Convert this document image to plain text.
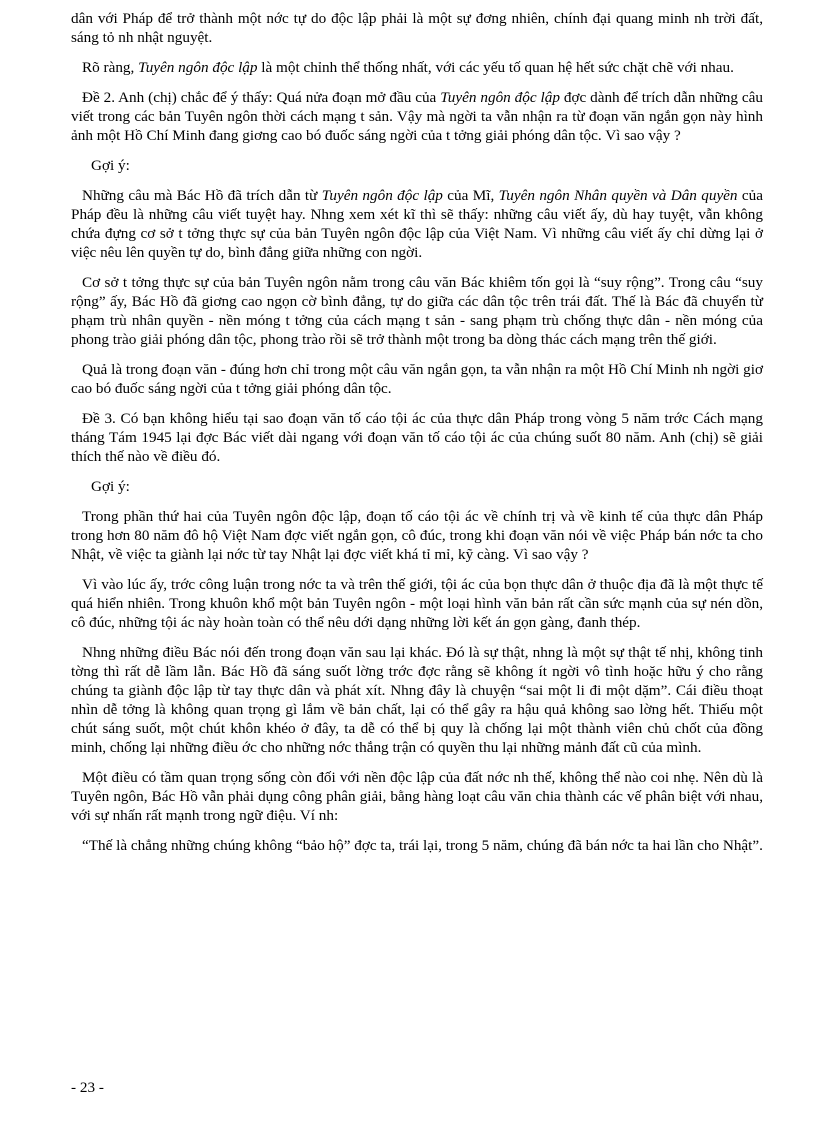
dân với Pháp để trở thành một nớc tự do độc lập phải là một sự đơng nhiên, chính đại quang minh nh trời đất, sáng tỏ nh nhật nguyệt.

Rõ ràng, Tuyên ngôn độc lập là một chỉnh thể thống nhất, với các yếu tố quan hệ hết sức chặt chẽ với nhau.

Đề 2. Anh (chị) chắc để ý thấy: Quá nửa đoạn mở đầu của Tuyên ngôn độc lập đợc dành để trích dẫn những câu viết trong các bản Tuyên ngôn thời cách mạng t sản. Vậy mà ngời ta vẫn nhận ra từ đoạn văn ngắn gọn này hình ảnh một Hồ Chí Minh đang giơng cao bó đuốc sáng ngời của t tởng giải phóng dân tộc. Vì sao vậy ?

Gợi ý:

Những câu mà Bác Hồ đã trích dẫn từ Tuyên ngôn độc lập của Mĩ, Tuyên ngôn Nhân quyền và Dân quyền của Pháp đều là những câu viết tuyệt hay. Nhng xem xét kĩ thì sẽ thấy: những câu viết ấy, dù hay tuyệt, vẫn không chứa đựng cơ sở t tởng thực sự của bản Tuyên ngôn độc lập của Việt Nam. Vì những câu viết ấy chỉ dừng lại ở việc nêu lên quyền tự do, bình đẳng giữa những con ngời.

Cơ sở t tởng thực sự của bản Tuyên ngôn nằm trong câu văn Bác khiêm tốn gọi là “suy rộng”. Trong câu “suy rộng” ấy, Bác Hồ đã giơng cao ngọn cờ bình đẳng, tự do giữa các dân tộc trên trái đất. Thế là Bác đã chuyển từ phạm trù nhân quyền - nền móng t tởng của cách mạng t sản - sang phạm trù chống thực dân - nền móng của phong trào giải phóng dân tộc, phong trào rồi sẽ trở thành một trong ba dòng thác cách mạng trên thế giới.

Quả là trong đoạn văn - đúng hơn chỉ trong một câu văn ngắn gọn, ta vẫn nhận ra một Hồ Chí Minh nh ngời giơ cao bó đuốc sáng ngời của t tởng giải phóng dân tộc.

Đề 3. Có bạn không hiểu tại sao đoạn văn tố cáo tội ác của thực dân Pháp trong vòng 5 năm trớc Cách mạng tháng Tám 1945 lại đợc Bác viết dài ngang với đoạn văn tố cáo tội ác của chúng suốt 80 năm. Anh (chị) sẽ giải thích thế nào về điều đó.

Gợi ý:

Trong phần thứ hai của Tuyên ngôn độc lập, đoạn tố cáo tội ác về chính trị và về kinh tế của thực dân Pháp trong hơn 80 năm đô hộ Việt Nam đợc viết ngắn gọn, cô đúc, trong khi đoạn văn nói về việc Pháp bán nớc ta cho Nhật, về việc ta giành lại nớc từ tay Nhật lại đợc viết khá tỉ mỉ, kỹ càng. Vì sao vậy ?

Vì vào lúc ấy, trớc công luận trong nớc ta và trên thế giới, tội ác của bọn thực dân ở thuộc địa đã là một thực tế quá hiển nhiên. Trong khuôn khổ một bản Tuyên ngôn - một loại hình văn bản rất cần sức mạnh của sự nén dồn, cô đúc, những tội ác này hoàn toàn có thể nêu dới dạng những lời kết án gọn gàng, đanh thép.

Nhng những điều Bác nói đến trong đoạn văn sau lại khác. Đó là sự thật, nhng là một sự thật tế nhị, không tinh tờng thì rất dễ lầm lẫn. Bác Hồ đã sáng suốt lờng trớc đợc rằng sẽ không ít ngời vô tình hoặc hữu ý cho rằng chúng ta giành độc lập từ tay thực dân và phát xít. Nhng đây là chuyện “sai một li đi một dặm”. Cái điều thoạt nhìn dễ tởng là không quan trọng gì lắm về bản chất, lại có thể gây ra hậu quả không sao lờng hết. Thiếu một chút sáng suốt, một chút khôn khéo ở đây, ta dễ có thể bị quy là chống lại một thành viên chủ chốt của đồng minh, chống lại những điều ớc cho những nớc thắng trận có quyền thu lại những mảnh đất cũ của mình.

Một điều có tầm quan trọng sống còn đối với nền độc lập của đất nớc nh thế, không thể nào coi nhẹ. Nên dù là Tuyên ngôn, Bác Hồ vẫn phải dụng công phân giải, bằng hàng loạt câu văn chia thành các vế phân biệt với nhau, với sự nhấn rất mạnh trong ngữ điệu. Ví nh:

“Thế là chẳng những chúng không “bảo hộ” đợc ta, trái lại, trong 5 năm, chúng đã bán nớc ta hai lần cho Nhật”.

- 23 -
